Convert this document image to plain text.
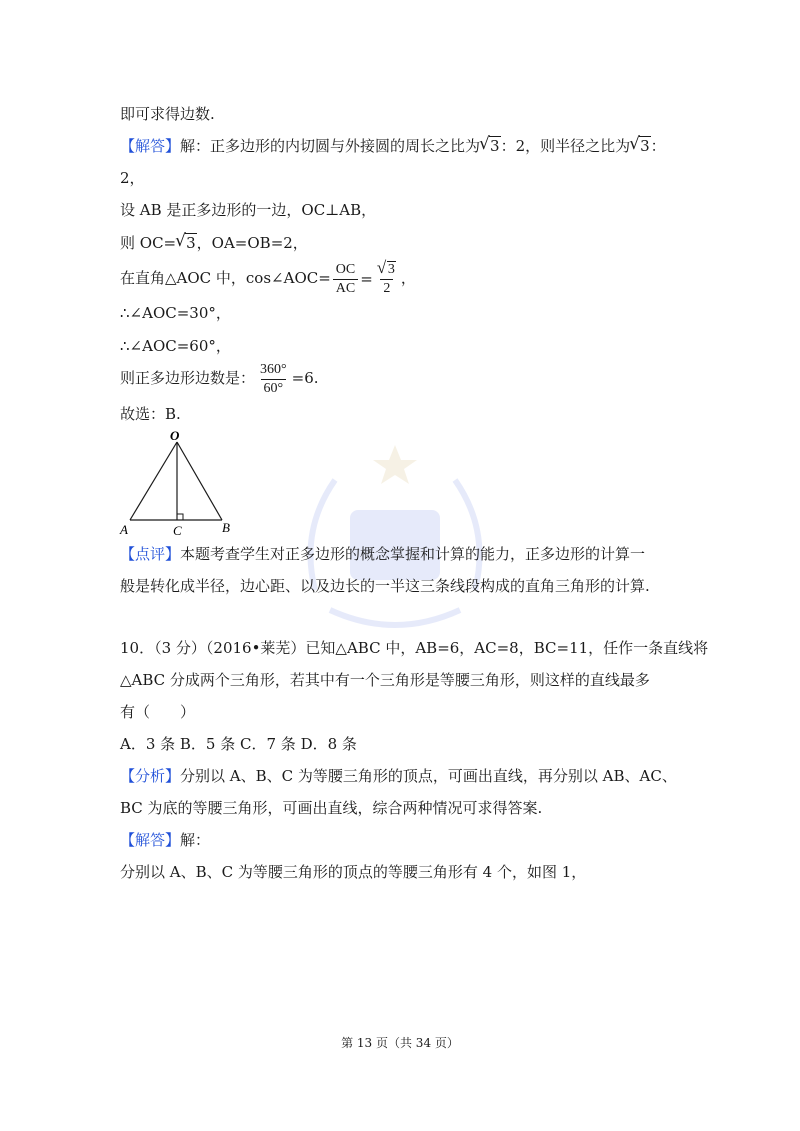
即可求得边数.
【解答】解：正多边形的内切圆与外接圆的周长之比为 √ 3：2，则半径之比为 √ 3：
2，
设 AB 是正多边形的一边，OC⊥AB，
则 OC= √ 3，OA=OB=2，
在直角△AOC 中，cos∠AOC= $\frac{OC}{AC}$ = √ $\frac{3}{2}$ ，
∴∠AOC=30°，
∴∠AOC=60°，
则正多边形边数是： $\frac{360^\circ}{60^\circ} =6$.
故选：B.
O
A	B
C
【点评】本题考查学生对正多边形的概念掌握和计算的能力，正多边形的计算一
般是转化成半径，边心距、以及边长的一半这三条线段构成的直角三角形的计算.
10．（3 分）（2016•莱芜）已知△ABC 中，AB=6，AC=8，BC=11，任作一条直线将
△ABC 分成两个三角形，若其中有一个三角形是等腰三角形，则这样的直线最多
有（　　）
A．3 条 B．5 条 C．7 条 D．8 条
【分析】分别以 A、B、C 为等腰三角形的顶点，可画出直线，再分别以 AB、AC、
BC 为底的等腰三角形，可画出直线，综合两种情况可求得答案.
【解答】解：
分别以 A、B、C 为等腰三角形的顶点的等腰三角形有 4 个，如图 1，
第 13 页（共 34 页）
